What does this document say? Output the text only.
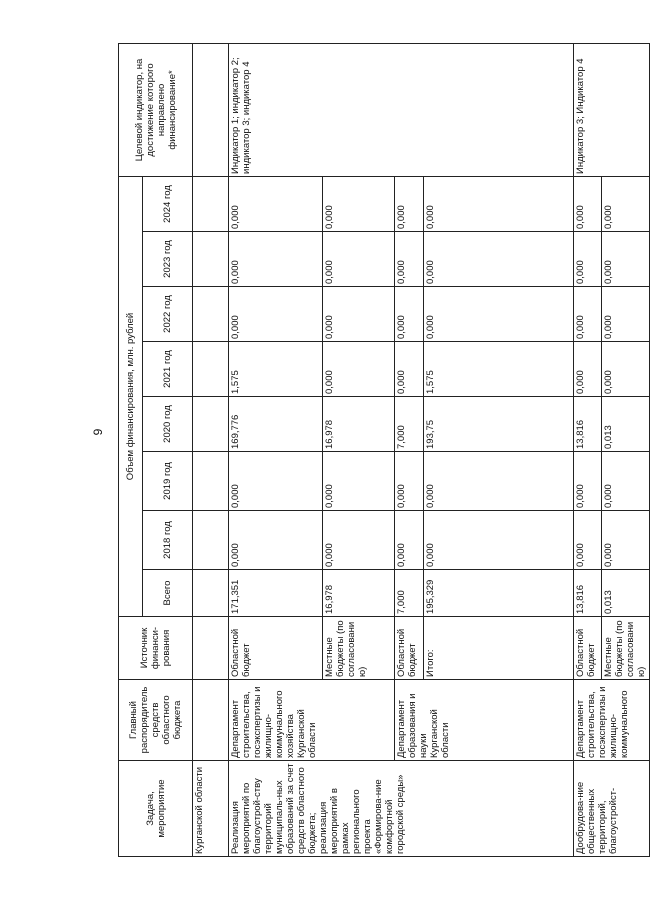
9
Задача, мероприятие	Главный распорядитель средств областного бюджета	Источник финанси-рования	Объем финансирования, млн. рублей								Целевой индикатор, на достижение которого направлено финансирование*
			Всего	2018 год	2019 год	2020 год	2021 год	2022 год	2023 год	2024 год	
Курганской области											
Реализация мероприятий по благоустрой-ству территорий муниципаль-ных образований за счет средств областного бюджета; реализация мероприятий в рамках регионального проекта «Формирова-ние комфортной городской среды»	Департамент строительства, госэкспертизы и жилищно-коммунального хозяйства Курганской области	Областной бюджет	171,351	0,000	0,000	169,776	1,575	0,000	0,000	0,000	Индикатор 1; индикатор 2; индикатор 3; индикатор 4
		Местные бюджеты (по согласованию)	16,978	0,000	0,000	16,978	0,000	0,000	0,000	0,000	
	Департамент образования и науки Курганской области	Областной бюджет	7,000	0,000	0,000	7,000	0,000	0,000	0,000	0,000	
		Итого:	195,329	0,000	0,000	193,75	1,575	0,000	0,000	0,000	
Дообрудова-ние общественных территорий, благоустройст-	Департамент строительства, госэкспертизы и жилищно-коммунального	Областной бюджет	13,816	0,000	0,000	13,816	0,000	0,000	0,000	0,000	Индикатор 3; Индикатор 4
		Местные бюджеты (по согласованию)	0,013	0,000	0,000	0,013	0,000	0,000	0,000	0,000	
